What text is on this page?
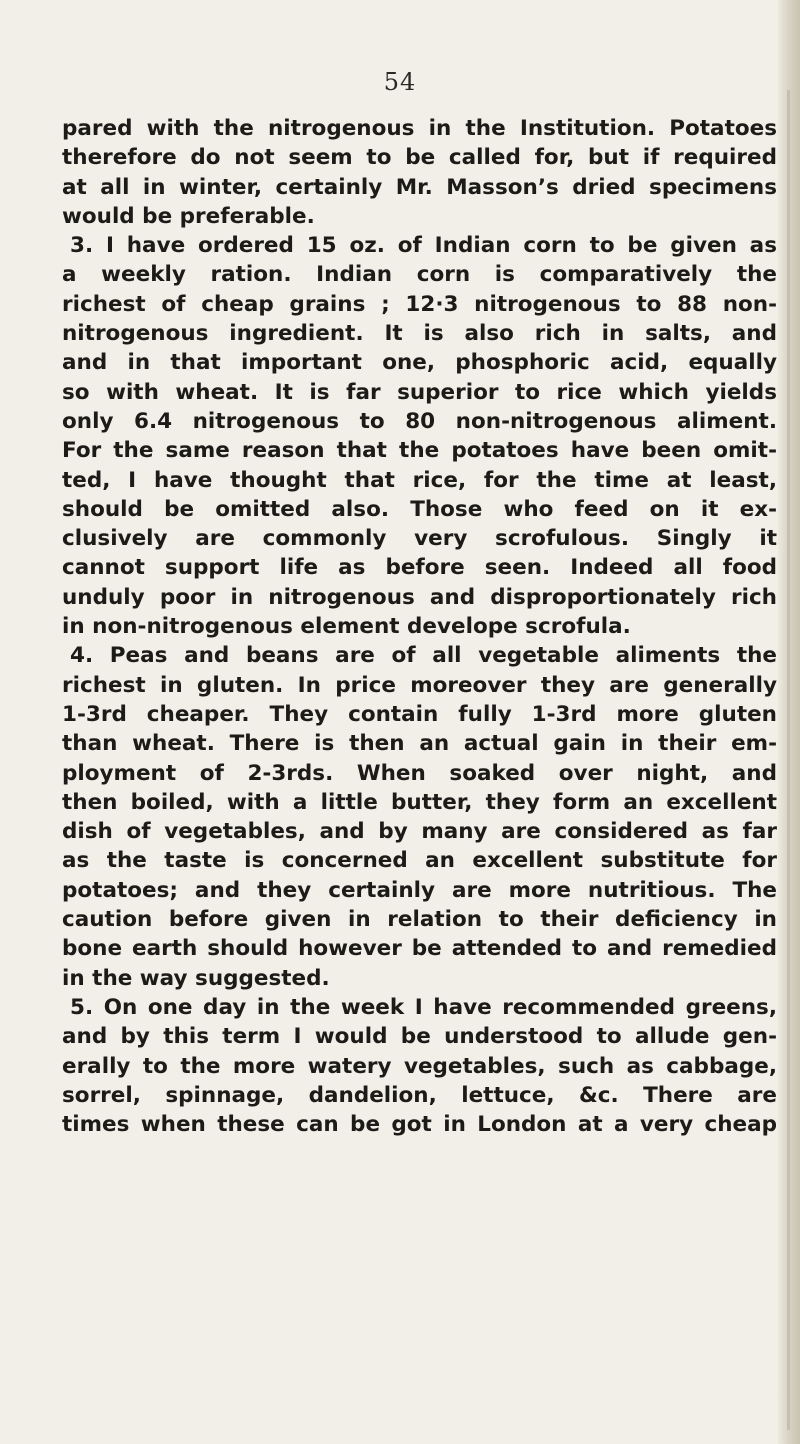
54
pared with the nitrogenous in the Institution. Potatoes
therefore do not seem to be called for, but if required
at all in winter, certainly Mr. Masson’s dried specimens
would be preferable.
3. I have ordered 15 oz. of Indian corn to be given as
a weekly ration. Indian corn is comparatively the
richest of cheap grains ; 12·3 nitrogenous to 88 non-
nitrogenous ingredient. It is also rich in salts, and
and in that important one, phosphoric acid, equally
so with wheat. It is far superior to rice which yields
only 6.4 nitrogenous to 80 non-nitrogenous aliment.
For the same reason that the potatoes have been omit-
ted, I have thought that rice, for the time at least,
should be omitted also. Those who feed on it ex-
clusively are commonly very scrofulous. Singly it
cannot support life as before seen. Indeed all food
unduly poor in nitrogenous and disproportionately rich
in non-nitrogenous element develope scrofula.
4. Peas and beans are of all vegetable aliments the
richest in gluten. In price moreover they are generally
1-3rd cheaper. They contain fully 1-3rd more gluten
than wheat. There is then an actual gain in their em-
ployment of 2-3rds. When soaked over night, and
then boiled, with a little butter, they form an excellent
dish of vegetables, and by many are considered as far
as the taste is concerned an excellent substitute for
potatoes; and they certainly are more nutritious. The
caution before given in relation to their deficiency in
bone earth should however be attended to and remedied
in the way suggested.
5. On one day in the week I have recommended greens,
and by this term I would be understood to allude gen-
erally to the more watery vegetables, such as cabbage,
sorrel, spinnage, dandelion, lettuce, &c. There are
times when these can be got in London at a very cheap
